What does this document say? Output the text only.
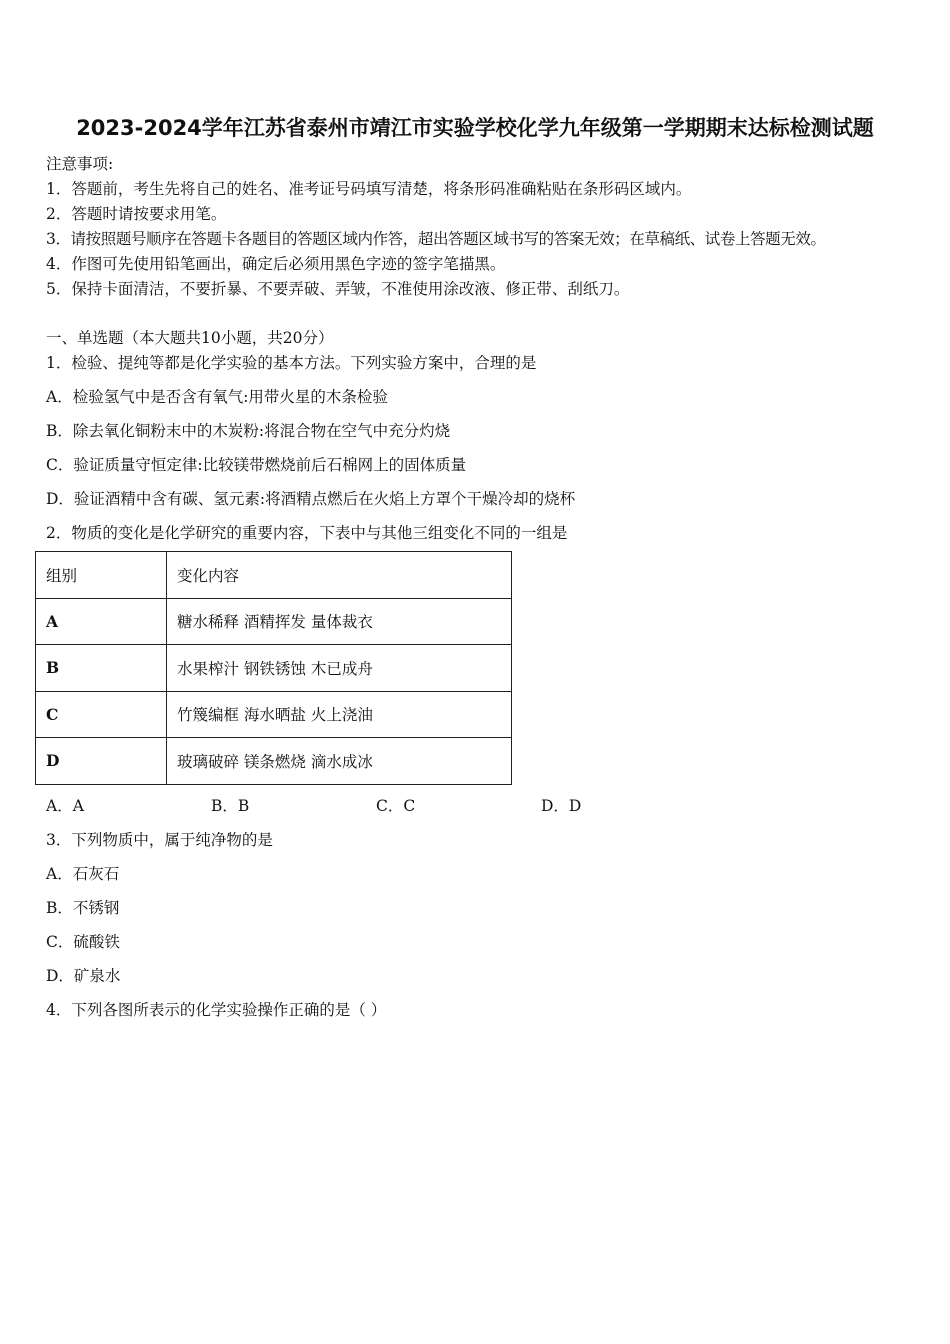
2023-2024学年江苏省泰州市靖江市实验学校化学九年级第一学期期末达标检测试题
注意事项:
1．答题前，考生先将自己的姓名、准考证号码填写清楚，将条形码准确粘贴在条形码区域内。
2．答题时请按要求用笔。
3．请按照题号顺序在答题卡各题目的答题区域内作答，超出答题区域书写的答案无效；在草稿纸、试卷上答题无效。
4．作图可先使用铅笔画出，确定后必须用黑色字迹的签字笔描黑。
5．保持卡面清洁，不要折暴、不要弄破、弄皱，不准使用涂改液、修正带、刮纸刀。
一、单选题（本大题共10小题，共20分）
1．检验、提纯等都是化学实验的基本方法。下列实验方案中，合理的是
A．检验氢气中是否含有氧气:用带火星的木条检验
B．除去氧化铜粉末中的木炭粉:将混合物在空气中充分灼烧
C．验证质量守恒定律:比较镁带燃烧前后石棉网上的固体质量
D．验证酒精中含有碳、氢元素:将酒精点燃后在火焰上方罩个干燥冷却的烧杯
2．物质的变化是化学研究的重要内容，下表中与其他三组变化不同的一组是
组别	变化内容
A	糖水稀释 酒精挥发 量体裁衣
B	水果榨汁 钢铁锈蚀 木已成舟
C	竹篾编框 海水晒盐 火上浇油
D	玻璃破碎 镁条燃烧 滴水成冰
A．A	B．B	C．C	D．D
3．下列物质中，属于纯净物的是
A．石灰石
B．不锈钢
C．硫酸铁
D．矿泉水
4．下列各图所表示的化学实验操作正确的是（ ）
